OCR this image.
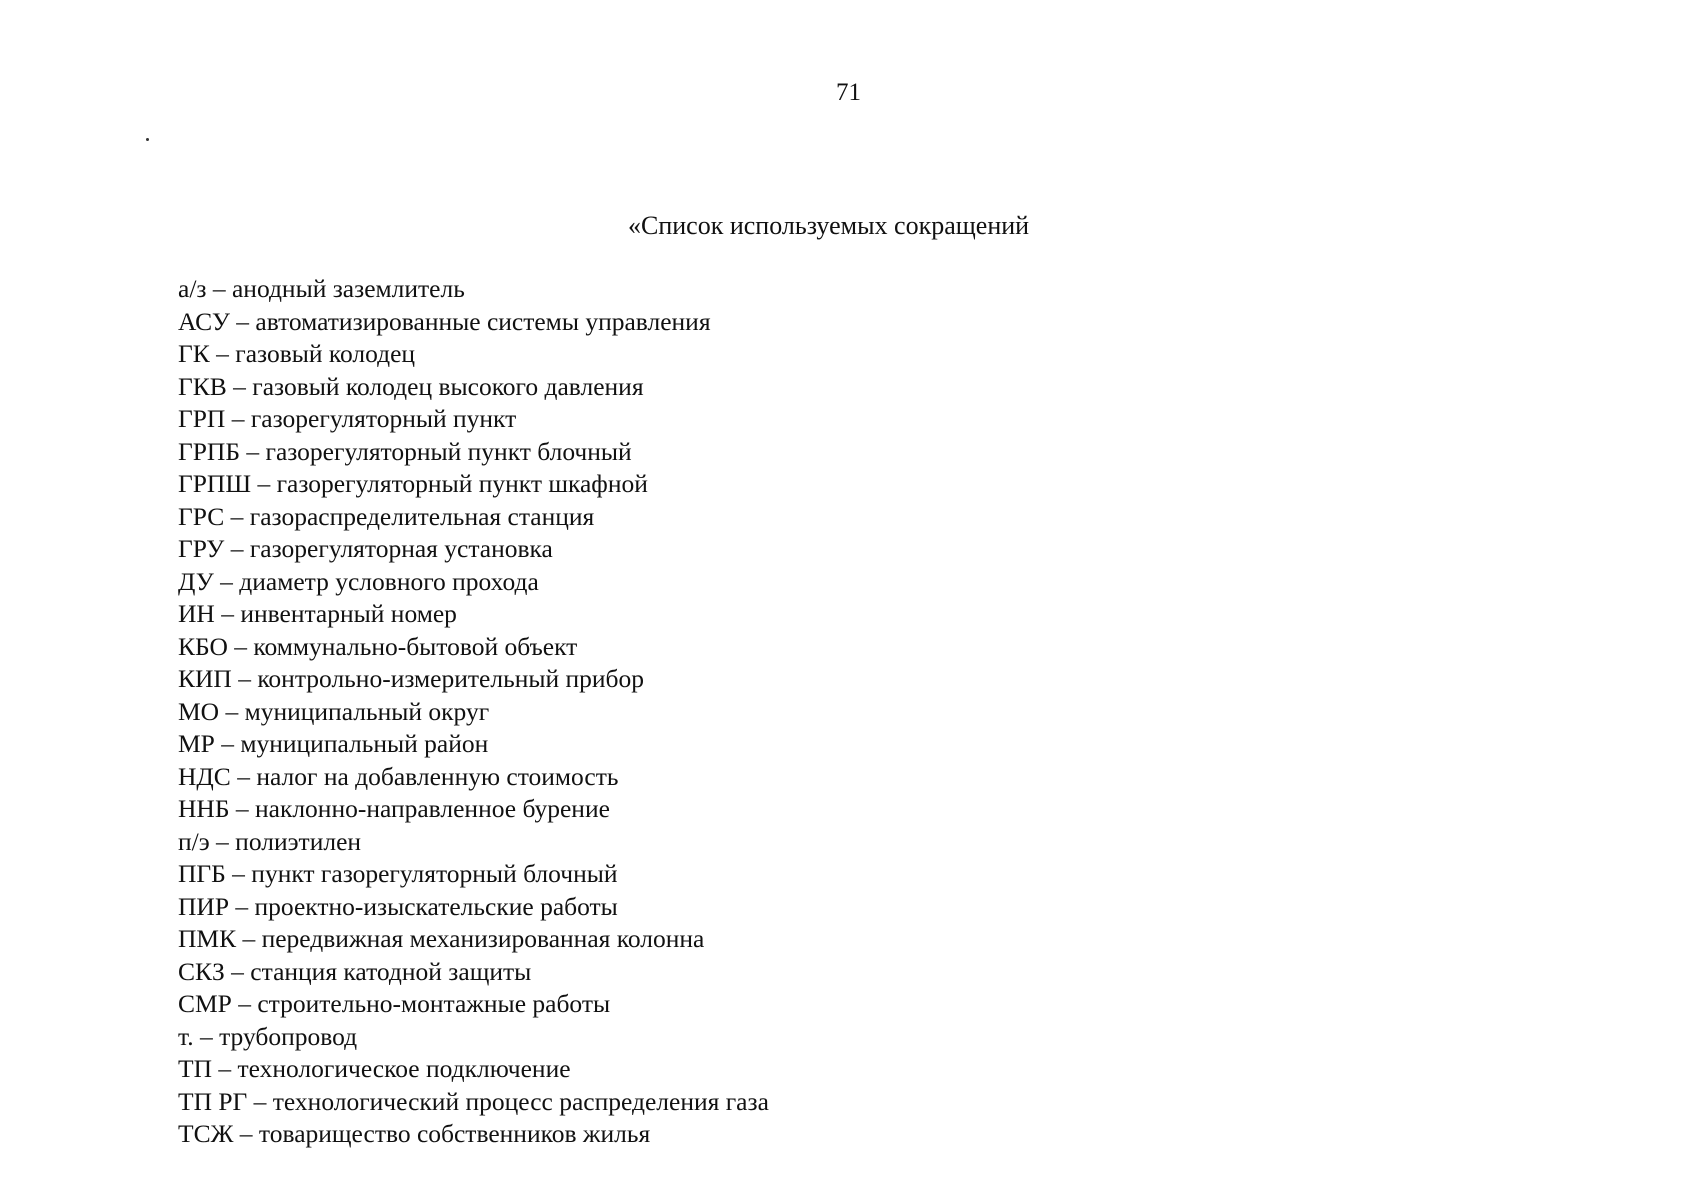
71
«Список используемых сокращений
а/з – анодный заземлитель
АСУ – автоматизированные системы управления
ГК – газовый колодец
ГКВ – газовый колодец высокого давления
ГРП – газорегуляторный пункт
ГРПБ – газорегуляторный пункт блочный
ГРПШ – газорегуляторный пункт шкафной
ГРС – газораспределительная станция
ГРУ – газорегуляторная установка
ДУ – диаметр условного прохода
ИН – инвентарный номер
КБО – коммунально-бытовой объект
КИП – контрольно-измерительный прибор
МО – муниципальный округ
МР – муниципальный район
НДС – налог на добавленную стоимость
ННБ – наклонно-направленное бурение
п/э – полиэтилен
ПГБ – пункт газорегуляторный блочный
ПИР – проектно-изыскательские работы
ПМК – передвижная механизированная колонна
СКЗ – станция катодной защиты
СМР – строительно-монтажные работы
т. – трубопровод
ТП – технологическое подключение
ТП РГ – технологический процесс распределения газа
ТСЖ – товарищество собственников жилья
